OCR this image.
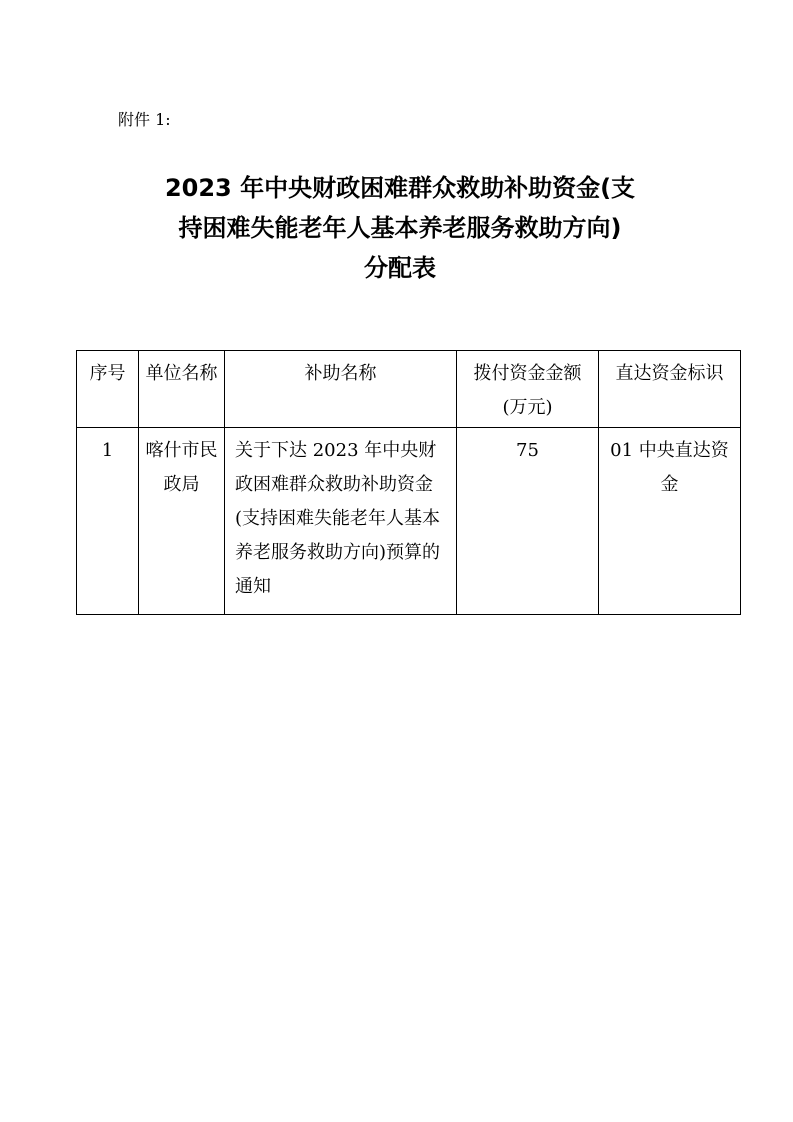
附件 1:
2023 年中央财政困难群众救助补助资金(支
持困难失能老年人基本养老服务救助方向)
分配表
序号	单位名称	补助名称	拨付资金金额(万元)	直达资金标识
1	喀什市民政局	关于下达 2023 年中央财政困难群众救助补助资金(支持困难失能老年人基本养老服务救助方向)预算的通知	75	01 中央直达资金
